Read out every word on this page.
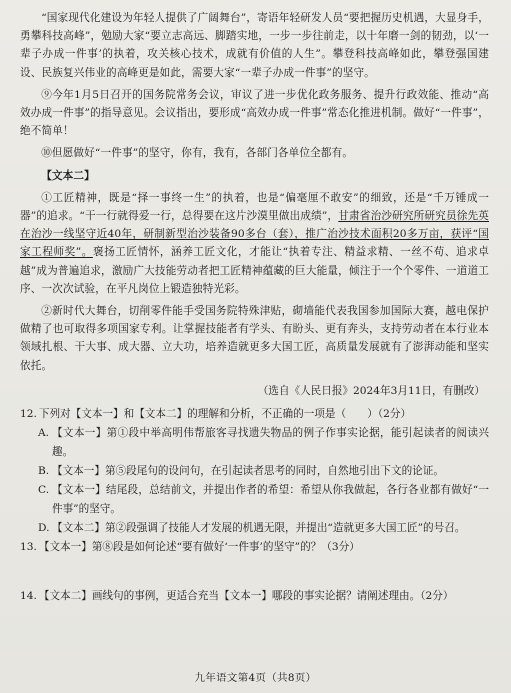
“国家现代化建设为年轻人提供了广阔舞台”，寄语年轻研发人员“要把握历史机遇，大显身手，勇攀科技高峰”，勉励大家“要立志高远、脚踏实地，一步一步往前走，以十年磨一剑的韧劲，以‘一辈子办成一件事’的执着，攻关核心技术，成就有价值的人生”。攀登科技高峰如此，攀登强国建设、民族复兴伟业的高峰更是如此，需要大家“一辈子办成一件事”的坚守。

⑨今年1月5日召开的国务院常务会议，审议了进一步优化政务服务、提升行政效能、推动“高效办成一件事”的指导意见。会议指出，要形成“高效办成一件事”常态化推进机制。做好“一件事”，绝不简单！

⑩但愿做好“一件事”的坚守，你有，我有，各部门各单位全都有。

【文本二】

①工匠精神，既是“择一事终一生”的执着，也是“偏毫厘不敢安”的细致，还是“千万锤成一器”的追求。“干一行就得爱一行，总得要在这片沙漠里做出成绩”，甘肃省治沙研究所研究员徐先英在治沙一线坚守近40年，研制新型治沙装备90多台（套），推广治沙技术面积20多万亩，获评“国家工程师奖”。褒扬工匠情怀，涵养工匠文化，才能让“执着专注、精益求精、一丝不苟、追求卓越”成为普遍追求，激励广大技能劳动者把工匠精神蕴藏的巨大能量，倾注于一个个零件、一道道工序、一次次试验，在平凡岗位上锻造独特光彩。

②新时代大舞台，切削零件能手受国务院特殊津贴，砌墙能代表我国参加国际大赛，越电保护做精了也可取得多项国家专利。让掌握技能者有学头、有盼头、更有奔头，支持劳动者在本行业本领域扎根、干大事、成大器、立大功，培养造就更多大国工匠，高质量发展就有了澎湃动能和坚实依托。

（选自《人民日报》2024年3月11日，有删改）

12. 下列对【文本一】和【文本二】的理解和分析，不正确的一项是（　　）（2分）
A. 【文本一】第①段中举高明伟帮旅客寻找遗失物品的例子作事实论据，能引起读者的阅读兴趣。
B. 【文本一】第⑤段尾句的设问句，在引起读者思考的同时，自然地引出下文的论证。
C. 【文本一】结尾段，总结前文，并提出作者的希望：希望从你我做起，各行各业都有做好“一件事”的坚守。
D. 【文本二】第②段强调了技能人才发展的机遇无限，并提出“造就更多大国工匠”的号召。
13. 【文本一】第⑧段是如何论述“要有做好‘一件事’的坚守”的？（3分）
14. 【文本二】画线句的事例，更适合充当【文本一】哪段的事实论据？请阐述理由。（2分）
九年语文第4页（共8页）
